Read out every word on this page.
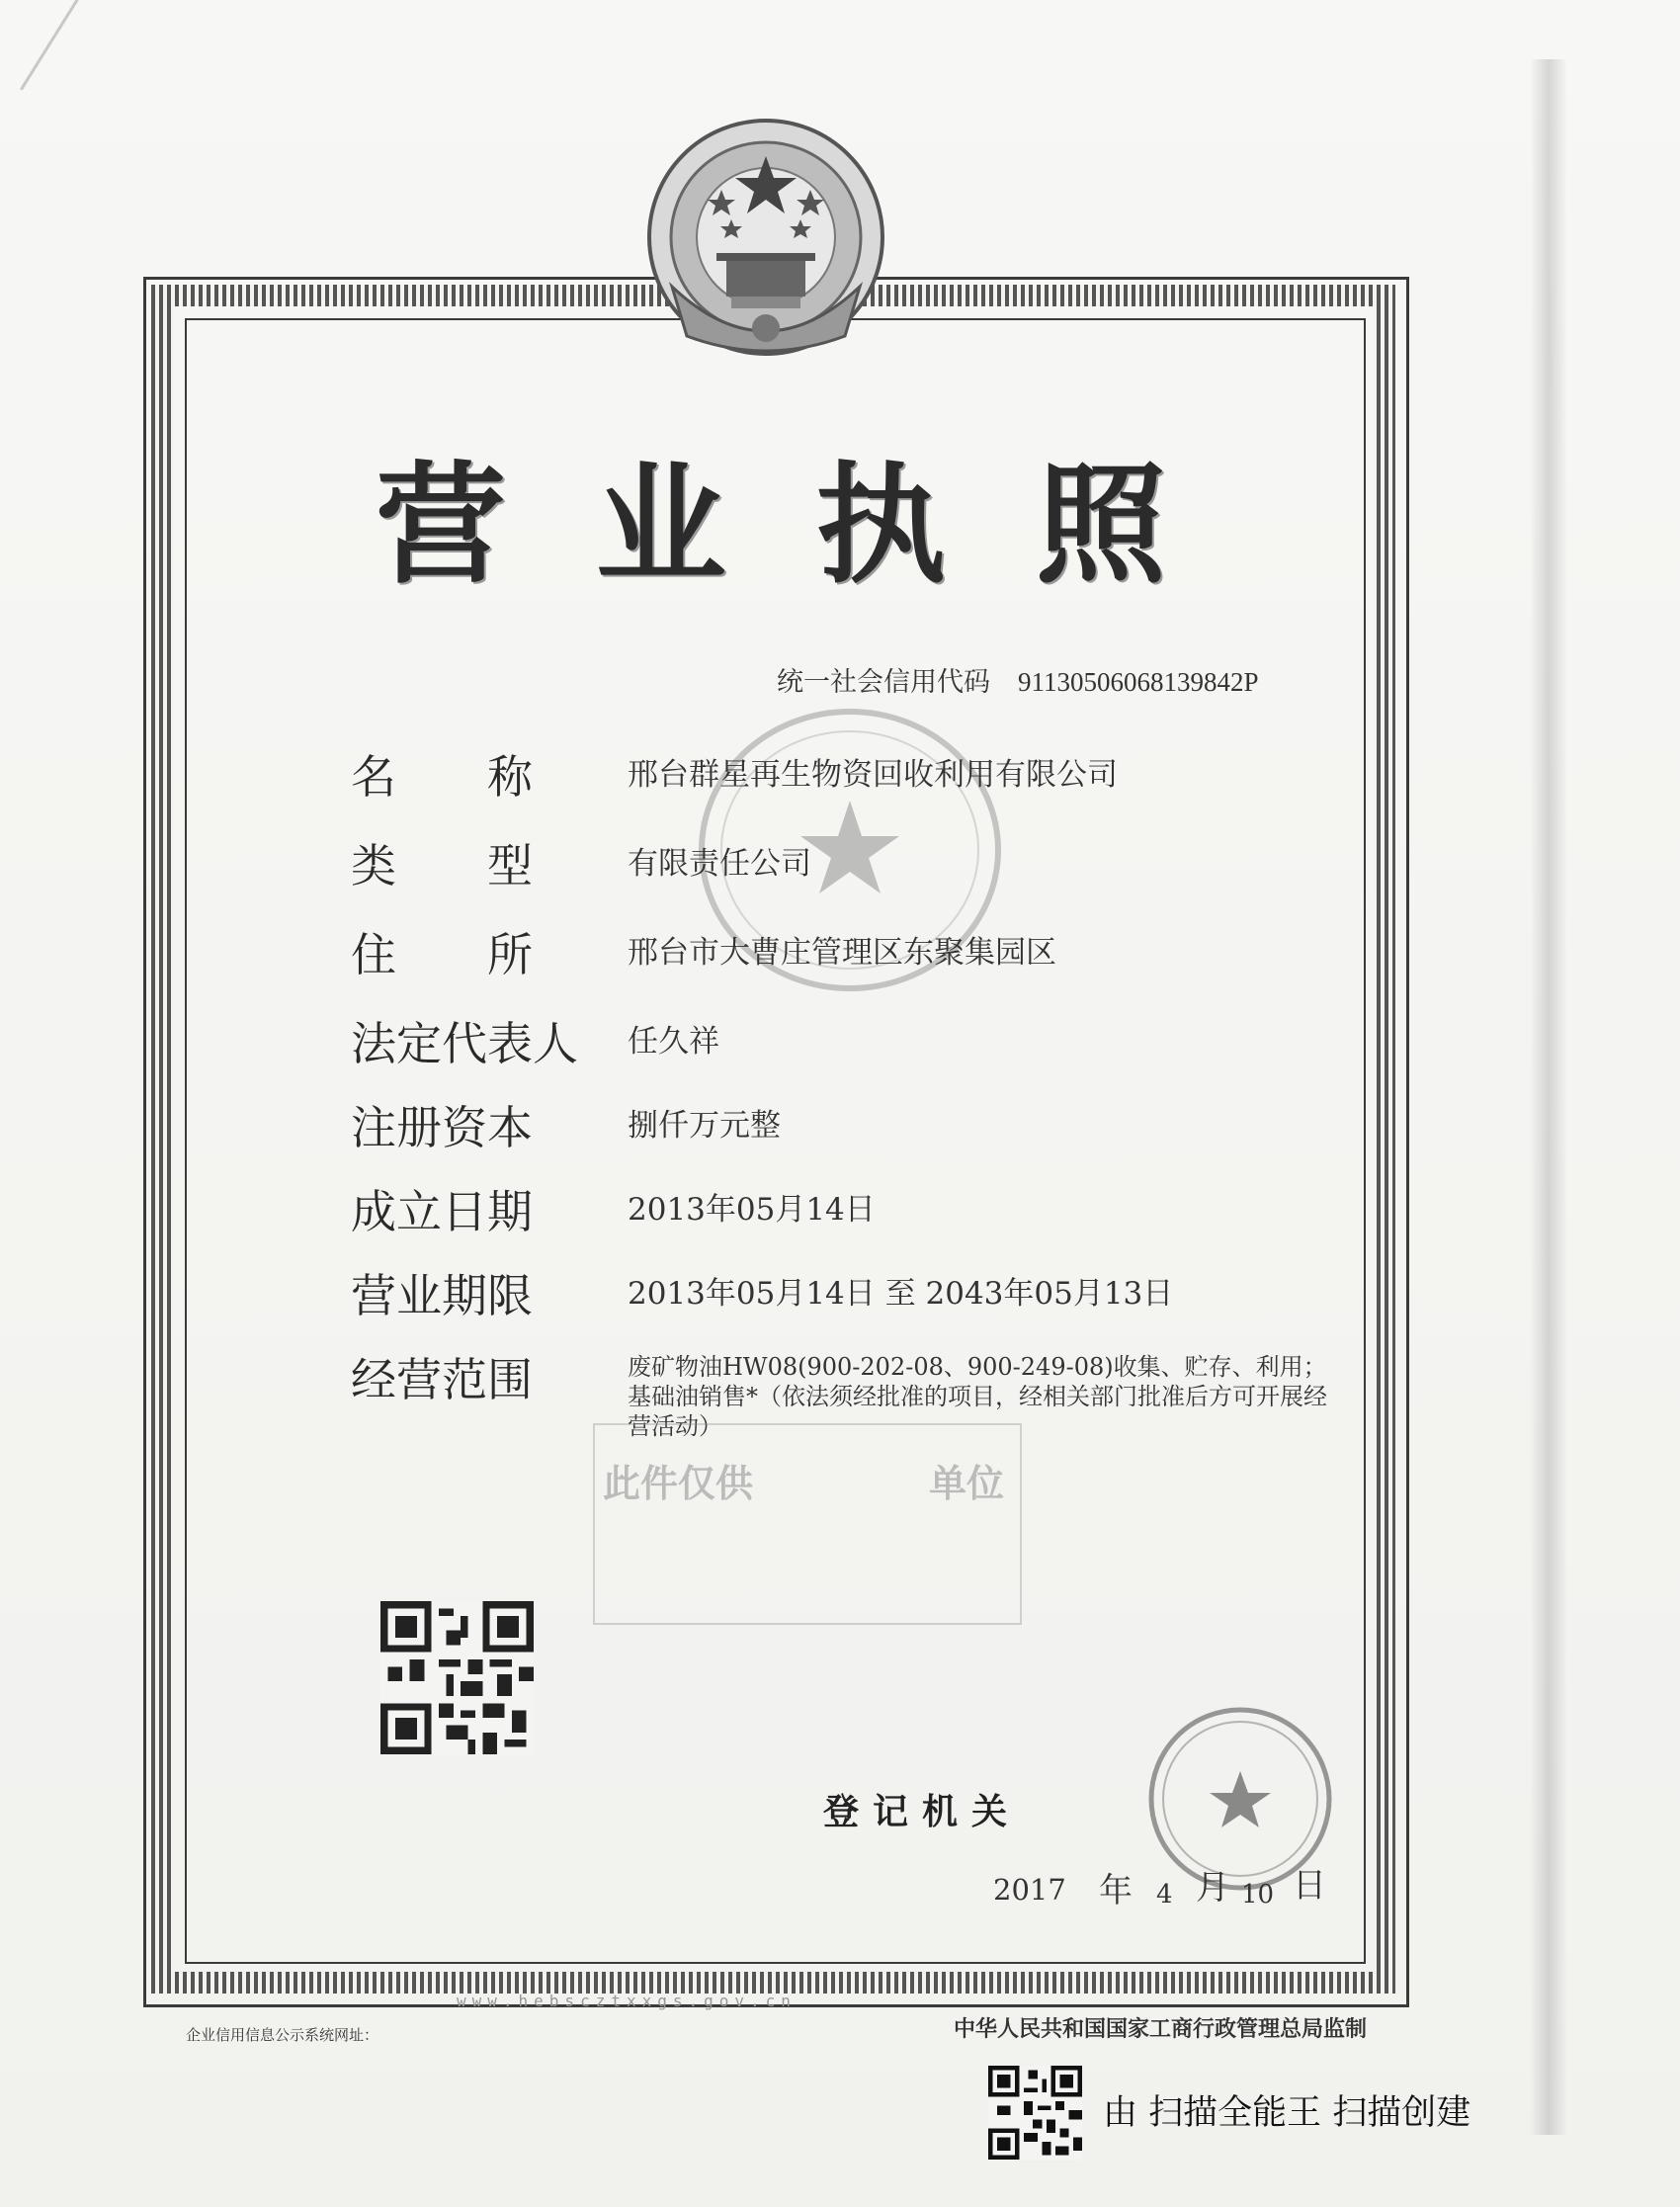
营 业 执 照
统一社会信用代码 91130506068139842P
名　　称	邢台群星再生物资回收利用有限公司
类　　型	有限责任公司
住　　所	邢台市大曹庄管理区东聚集园区
法定代表人	任久祥
注册资本	捌仟万元整
成立日期	2013年05月14日
营业期限	2013年05月14日 至 2043年05月13日
经营范围	废矿物油HW08(900-202-08、900-249-08)收集、贮存、利用；基础油销售*（依法须经批准的项目，经相关部门批准后方可开展经营活动）
此件仅供	单位
登记机关
2017 年 4 月 10 日
www.hebscztxxgs.gov.cn
企业信用信息公示系统网址：	中华人民共和国国家工商行政管理总局监制
由 扫描全能王 扫描创建
